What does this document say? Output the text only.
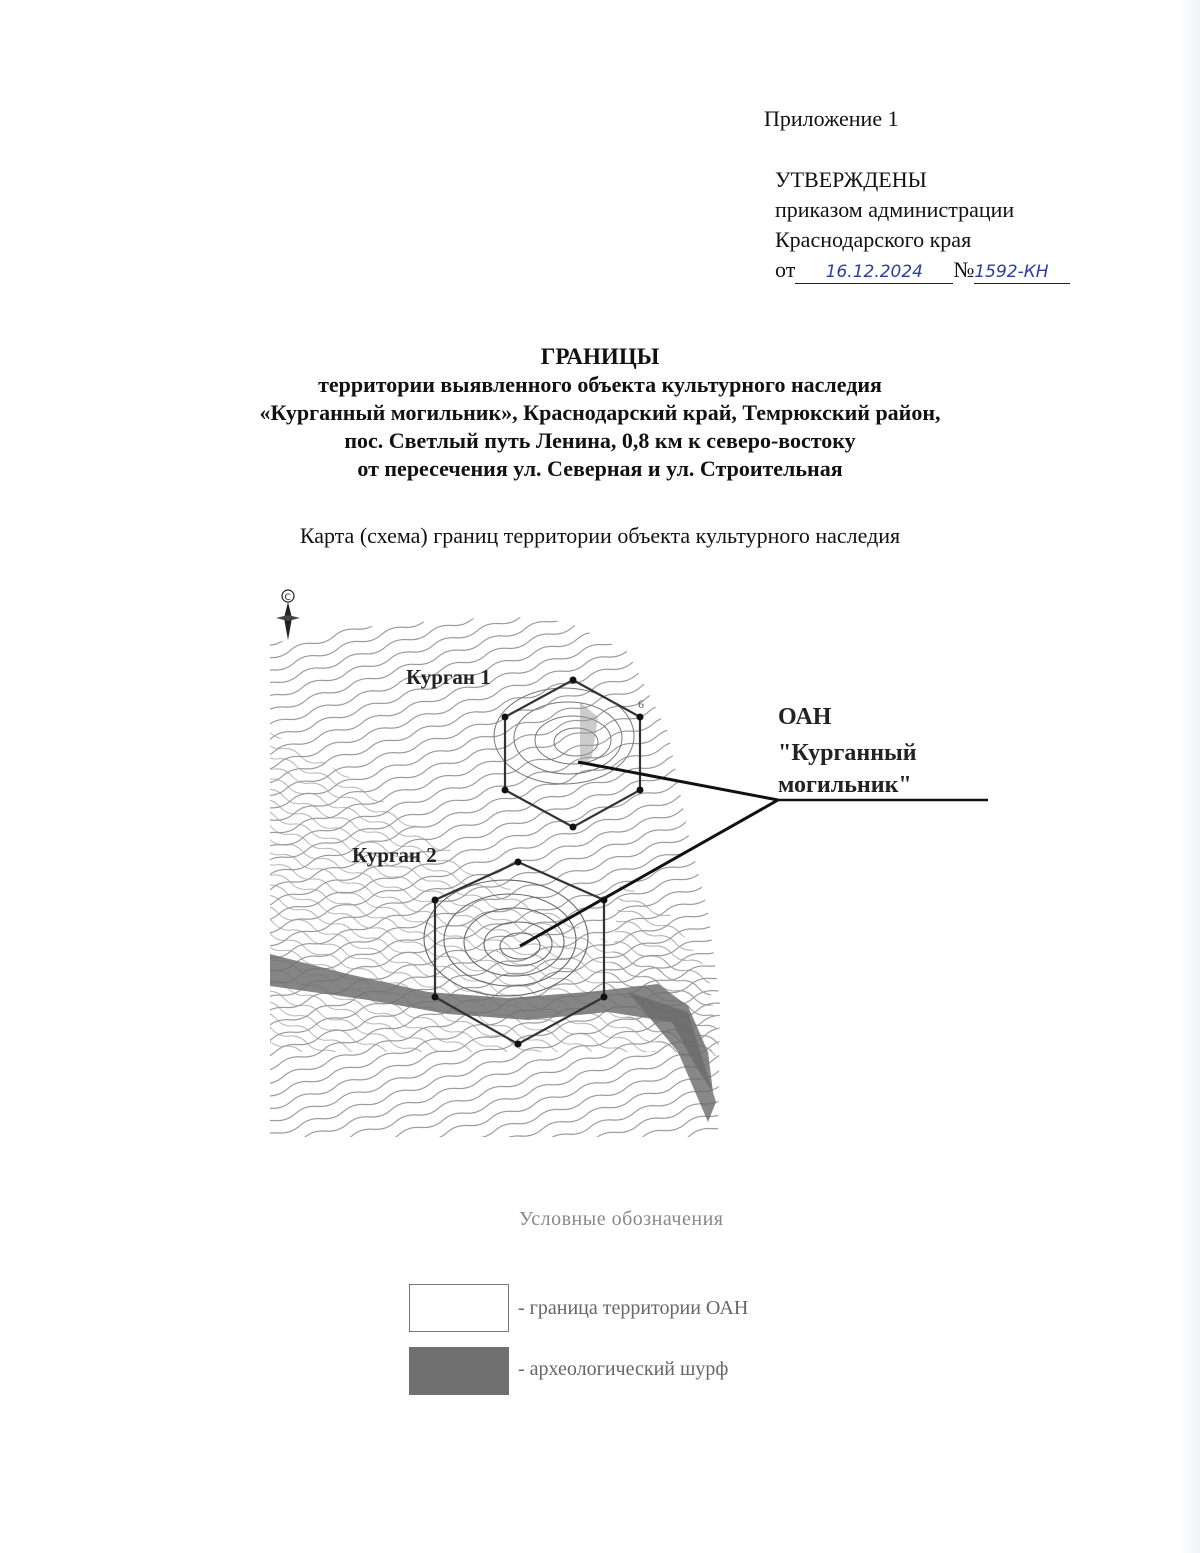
Приложение 1
УТВЕРЖДЕНЫ
приказом администрации
Краснодарского края
от 16.12.2024 №1592-КН
ГРАНИЦЫ
территории выявленного объекта культурного наследия
«Курганный могильник», Краснодарский край, Темрюкский район,
пос. Светлый путь Ленина, 0,8 км к северо-востоку
от пересечения ул. Северная и ул. Строительная
Карта (схема) границ территории объекта культурного наследия
6
Курган 1
Курган 2
ОАН
"Курганный
могильник"
С
Условные обозначения
- граница территории ОАН
- археологический шурф
